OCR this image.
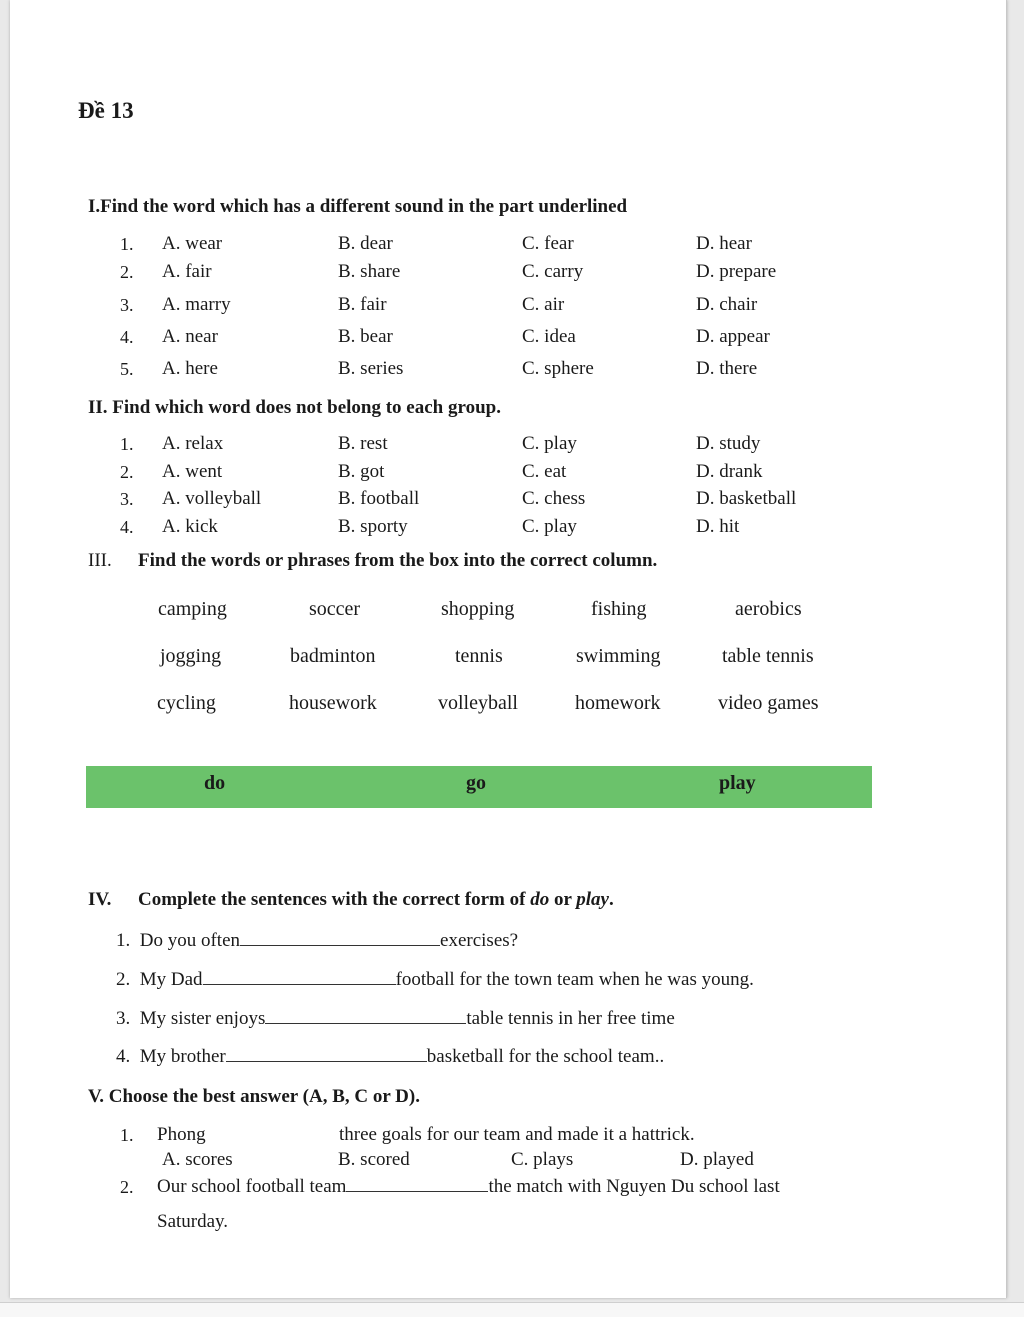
Đề 13
I.Find the word which has a different sound in the part underlined
1. A. wear	B. dear	C. fear	D. hear
2. A. fair	B. share	C. carry	D. prepare
3. A. marry	B. fair	C. air	D. chair
4. A. near	B. bear	C. idea	D. appear
5. A. here	B. series	C. sphere	D. there
II. Find which word does not belong to each group.
1. A. relax	B. rest	C. play	D. study
2. A. went	B. got	C. eat	D. drank
3. A. volleyball	B. football	C. chess	D. basketball
4. A. kick	B. sporty	C. play	D. hit
III. Find the words or phrases from the box into the correct column.
camping	soccer	shopping	fishing	aerobics
jogging	badminton	tennis	swimming	table tennis
cycling	housework	volleyball	homework	video games
do	go	play
IV. Complete the sentences with the correct form of do or play.
1. Do you often	exercises?
2. My Dad	football for the town team when he was young.
3. My sister enjoys	table tennis in her free time
4. My brother	basketball for the school team..
V. Choose the best answer (A, B, C or D).
1. Phong	three goals for our team and made it a hattrick.
A. scores	B. scored	C. plays	D. played
2. Our school football team	the match with Nguyen Du school last
Saturday.
